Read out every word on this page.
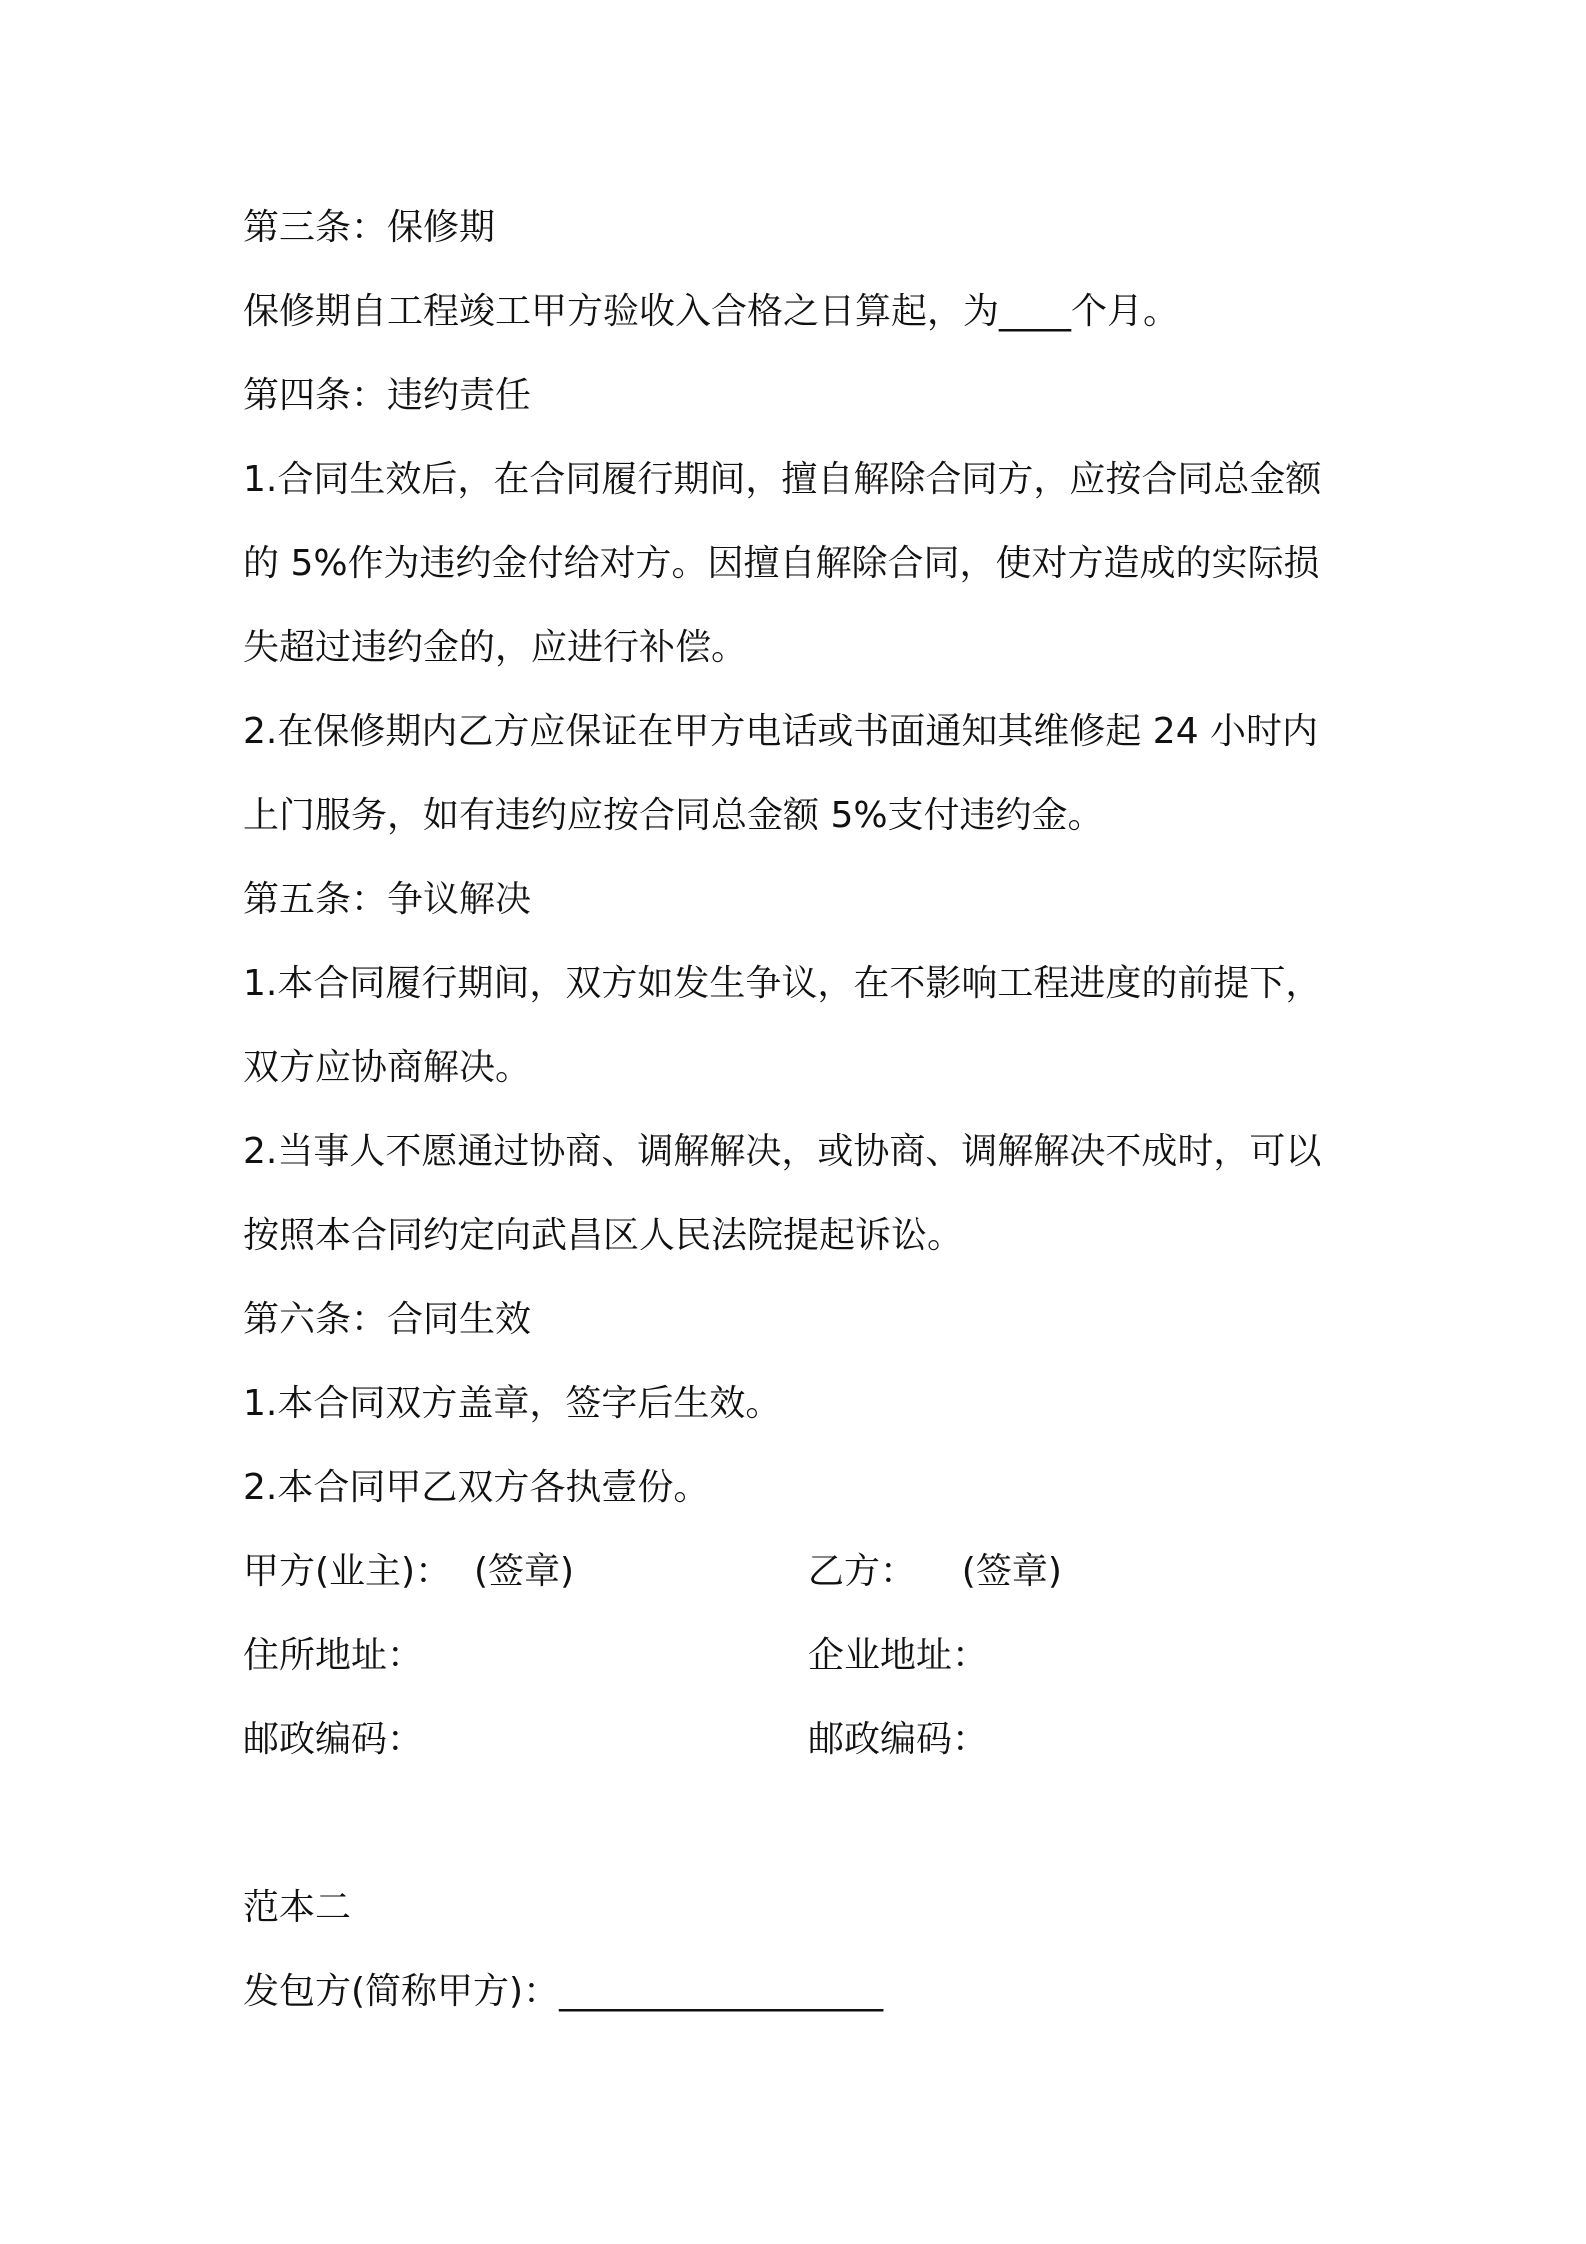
第三条：保修期

保修期自工程竣工甲方验收入合格之日算起，为____个月。

第四条：违约责任

1.合同生效后，在合同履行期间，擅自解除合同方，应按合同总金额

的 5%作为违约金付给对方。因擅自解除合同，使对方造成的实际损

失超过违约金的，应进行补偿。

2.在保修期内乙方应保证在甲方电话或书面通知其维修起 24 小时内

上门服务，如有违约应按合同总金额 5%支付违约金。

第五条：争议解决

1.本合同履行期间，双方如发生争议，在不影响工程进度的前提下，

双方应协商解决。

2.当事人不愿通过协商、调解解决，或协商、调解解决不成时，可以

按照本合同约定向武昌区人民法院提起诉讼。

第六条：合同生效

1.本合同双方盖章，签字后生效。

2.本合同甲乙双方各执壹份。

甲方(业主)：  (签章)	乙方：    (签章)

住所地址：	企业地址：

邮政编码：	邮政编码：

范本二

发包方(简称甲方)：__________________
